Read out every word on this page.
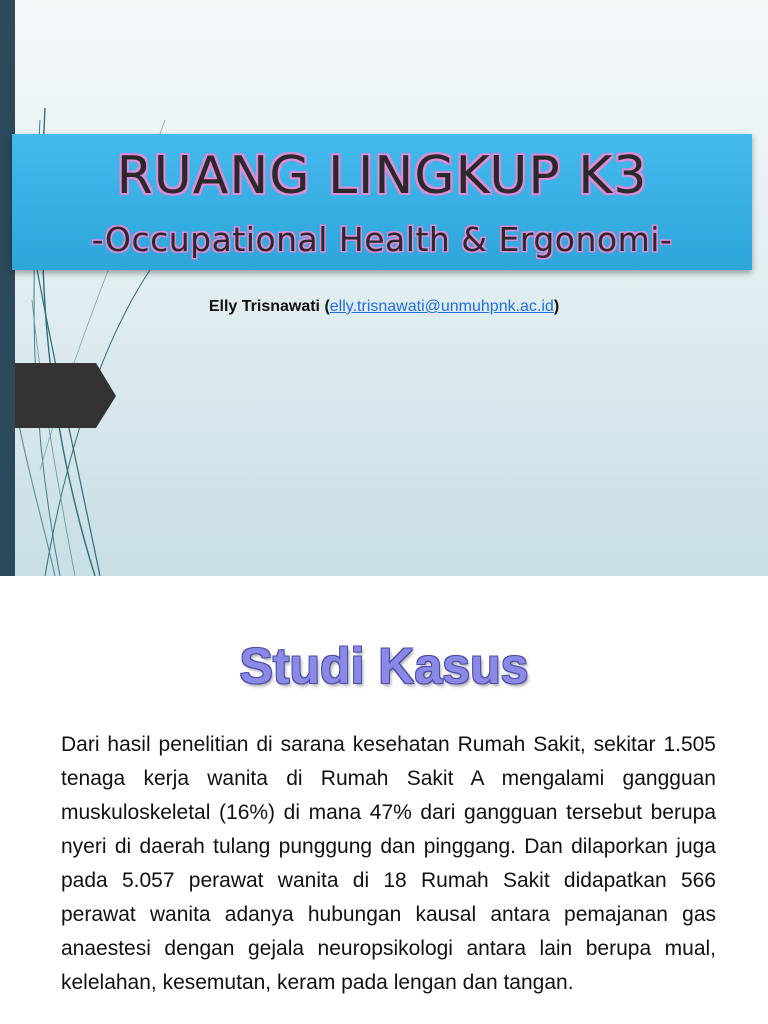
RUANG LINGKUP K3
-Occupational Health & Ergonomi-
Elly Trisnawati (elly.trisnawati@unmuhpnk.ac.id)
Studi Kasus
Dari hasil penelitian di sarana kesehatan Rumah Sakit, sekitar 1.505 tenaga kerja wanita di Rumah Sakit A mengalami gangguan muskuloskeletal (16%) di mana 47% dari gangguan tersebut berupa nyeri di daerah tulang punggung dan pinggang. Dan dilaporkan juga pada 5.057 perawat wanita di 18 Rumah Sakit didapatkan 566 perawat wanita adanya hubungan kausal antara pemajanan gas anaestesi dengan gejala neuropsikologi antara lain berupa mual, kelelahan, kesemutan, keram pada lengan dan tangan.
